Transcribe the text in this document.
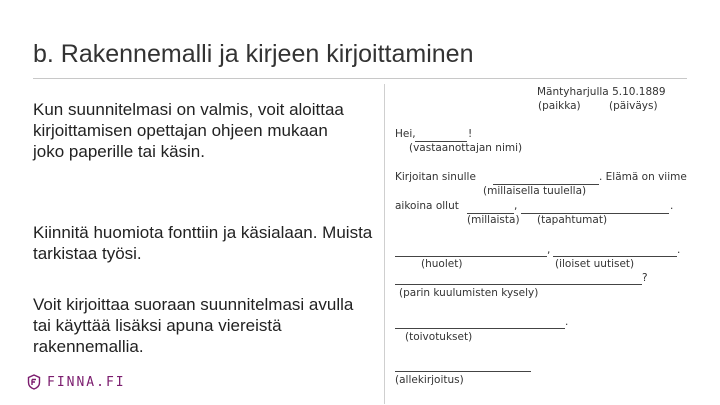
b. Rakennemalli ja kirjeen kirjoittaminen
Kun suunnitelmasi on valmis, voit aloittaa kirjoittamisen opettajan ohjeen mukaan joko paperille tai käsin.
Kiinnitä huomiota fonttiin ja käsialaan. Muista tarkistaa työsi.
Voit kirjoittaa suoraan suunnitelmasi avulla tai käyttää lisäksi apuna viereistä rakennemallia.
FINNA.FI
Mäntyharjulla 5.10.1889
(paikka)	(päiväys)
Hei,	!
(vastaanottajan nimi)
Kirjoitan sinulle	. Elämä on viime
(millaisella tuulella)
aikoina ollut	,	.
(millaista) (tapahtumat)
,	.
(huolet)	(iloiset uutiset)
?
(parin kuulumisten kysely)
.
(toivotukset)
(allekirjoitus)
